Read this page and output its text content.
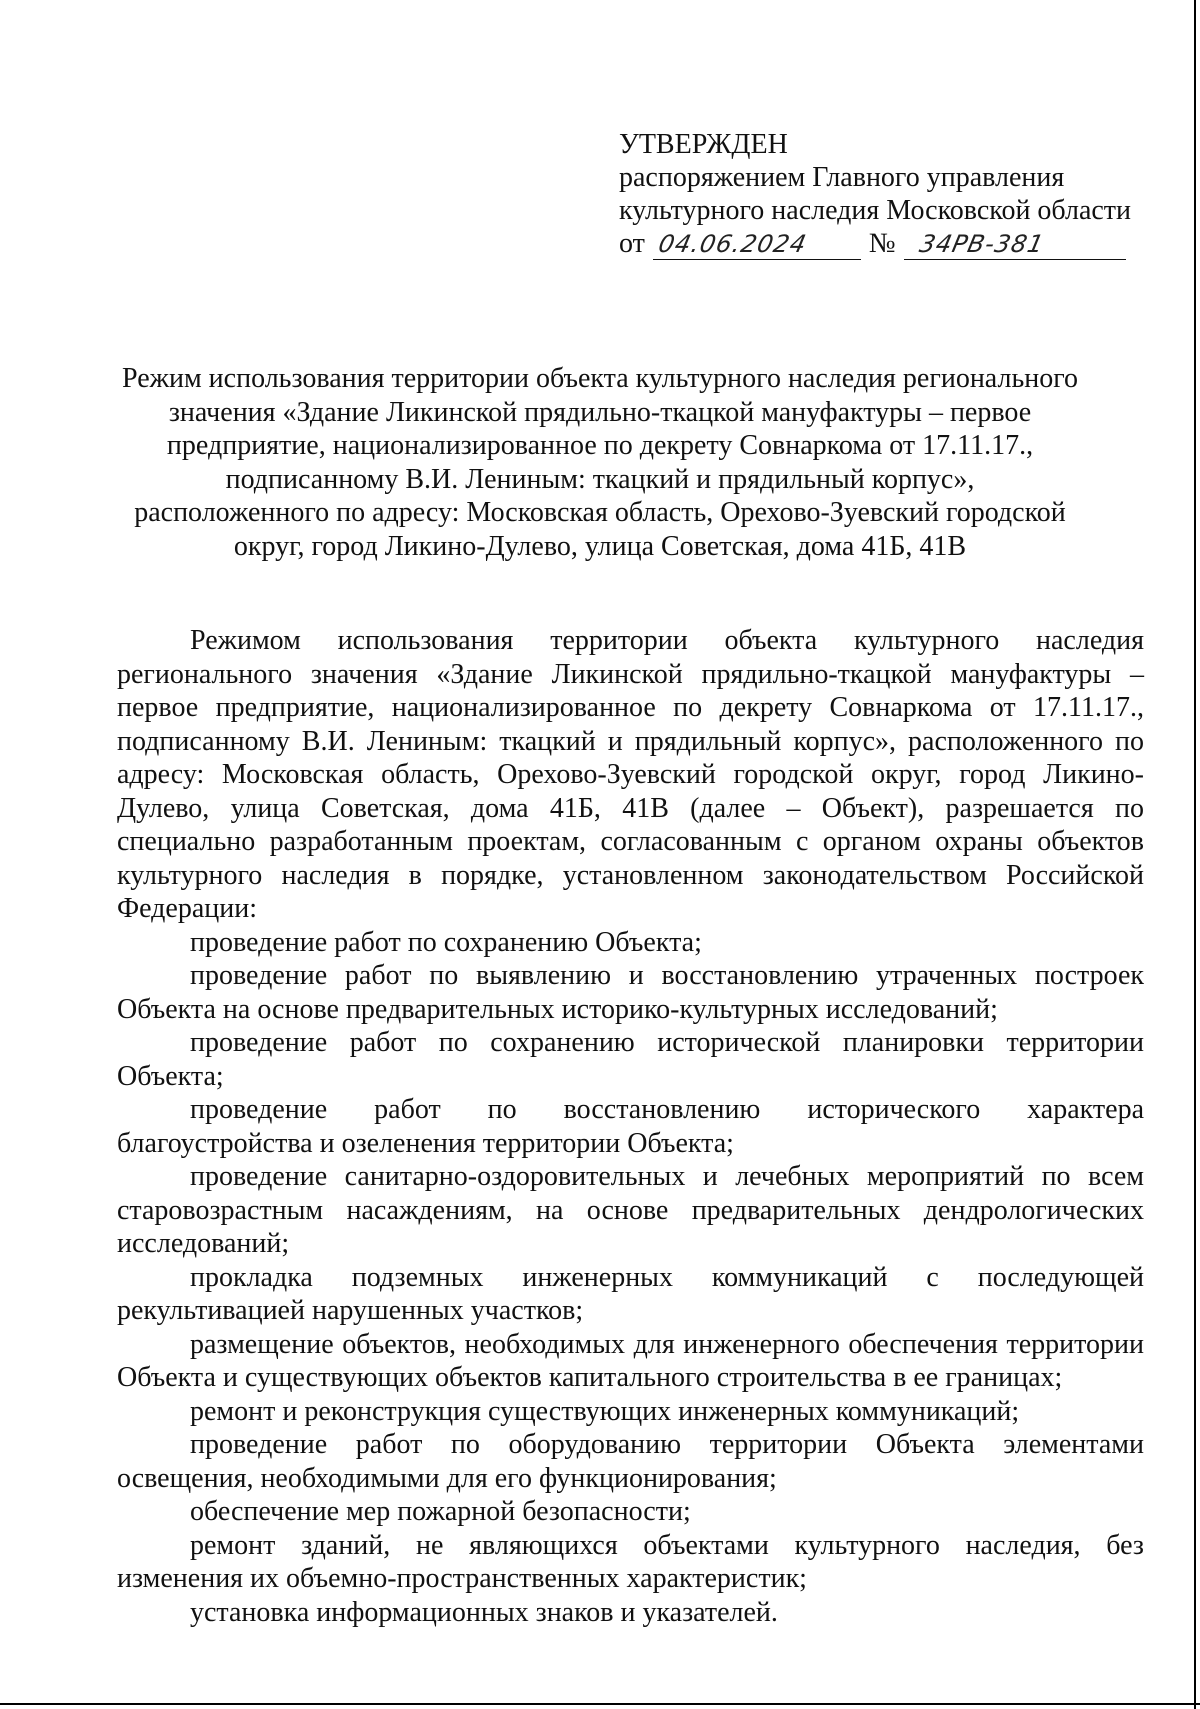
УТВЕРЖДЕН
распоряжением Главного управления
культурного наследия Московской области
от 04.06.2024	№ 34РВ-381
Режим использования территории объекта культурного наследия регионального
значения «Здание Ликинской прядильно-ткацкой мануфактуры – первое
предприятие, национализированное по декрету Совнаркома от 17.11.17.,
подписанному В.И. Лениным: ткацкий и прядильный корпус»,
расположенного по адресу: Московская область, Орехово-Зуевский городской
округ, город Ликино-Дулево, улица Советская, дома 41Б, 41В

Режимом использования территории объекта культурного наследия регионального значения «Здание Ликинской прядильно-ткацкой мануфактуры – первое предприятие, национализированное по декрету Совнаркома от 17.11.17., подписанному В.И. Лениным: ткацкий и прядильный корпус», расположенного по адресу: Московская область, Орехово-Зуевский городской округ, город Ликино-Дулево, улица Советская, дома 41Б, 41В (далее – Объект), разрешается по специально разработанным проектам, согласованным с органом охраны объектов культурного наследия в порядке, установленном законодательством Российской Федерации:

проведение работ по сохранению Объекта;

проведение работ по выявлению и восстановлению утраченных построек Объекта на основе предварительных историко-культурных исследований;

проведение работ по сохранению исторической планировки территории Объекта;

проведение работ по восстановлению исторического характера благоустройства и озеленения территории Объекта;

проведение санитарно-оздоровительных и лечебных мероприятий по всем старовозрастным насаждениям, на основе предварительных дендрологических исследований;

прокладка подземных инженерных коммуникаций с последующей рекультивацией нарушенных участков;

размещение объектов, необходимых для инженерного обеспечения территории Объекта и существующих объектов капитального строительства в ее границах;

ремонт и реконструкция существующих инженерных коммуникаций;

проведение работ по оборудованию территории Объекта элементами освещения, необходимыми для его функционирования;

обеспечение мер пожарной безопасности;

ремонт зданий, не являющихся объектами культурного наследия, без изменения их объемно-пространственных характеристик;

установка информационных знаков и указателей.
